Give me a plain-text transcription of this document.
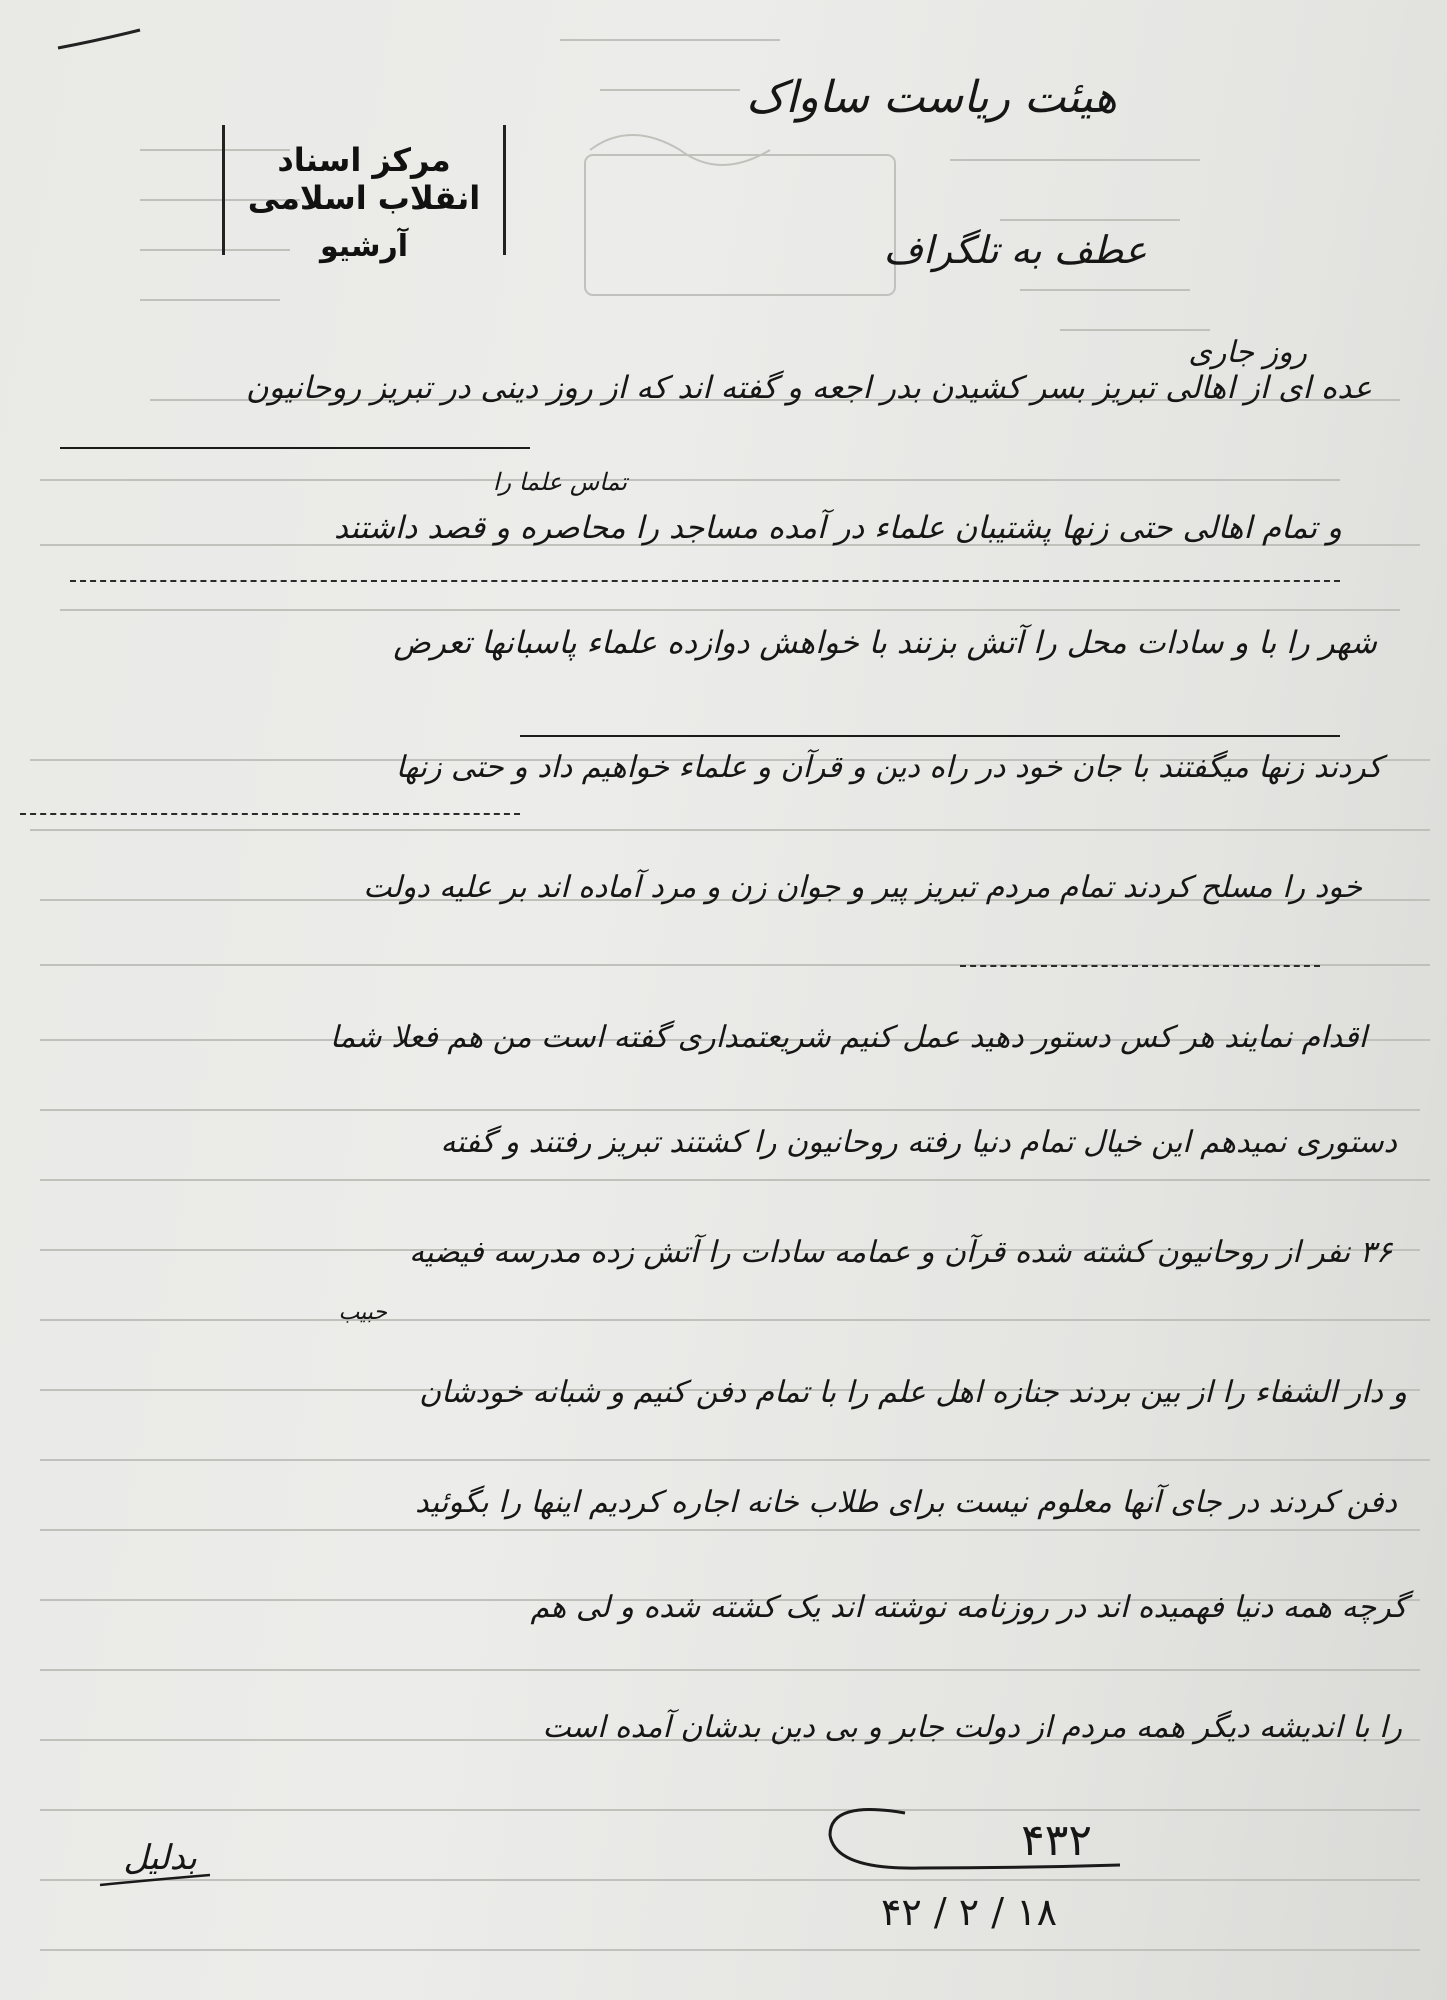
مرکز اسناد انقلاب اسلامی
آرشیو
هیئت ریاست ساواک
عطف به تلگراف
روز جاری
عده ای از اهالی تبریز بسر کشیدن بدر اجعه و گفته اند که از روز دینی در تبریز روحانیون
تماس علما را
و تمام اهالی حتی زنها پشتیبان علماء در آمده مساجد را محاصره و قصد داشتند
شهر را با و سادات محل را آتش بزنند با خواهش دوازده علماء پاسبانها تعرض
کردند زنها میگفتند با جان خود در راه دین و قرآن و علماء خواهیم داد و حتی زنها
خود را مسلح کردند تمام مردم تبریز پیر و جوان زن و مرد آماده اند بر علیه دولت
اقدام نمایند هر کس دستور دهید عمل کنیم شریعتمداری گفته است من هم فعلا شما
دستوری نمیدهم این خیال تمام دنیا رفته روحانیون را کشتند تبریز رفتند و گفته
۳۶ نفر از روحانیون کشته شده قرآن و عمامه سادات را آتش زده مدرسه فیضیه
حبیب
و دار الشفاء را از بین بردند جنازه اهل علم را با تمام دفن کنیم و شبانه خودشان
دفن کردند در جای آنها معلوم نیست برای طلاب خانه اجاره کردیم اینها را بگوئید
گرچه همه دنیا فهمیده اند در روزنامه نوشته اند یک کشته شده و لی هم
را با اندیشه دیگر همه مردم از دولت جابر و بی دین بدشان آمده است
بدلیل	۴۳۲
۱۸ / ۲ / ۴۲
